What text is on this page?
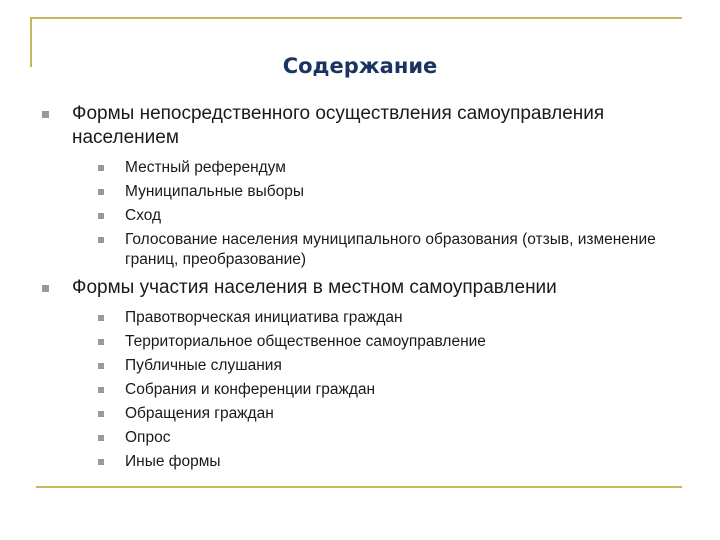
Содержание
Формы непосредственного осуществления самоуправления населением
Местный референдум
Муниципальные выборы
Сход
Голосование населения муниципального образования (отзыв, изменение границ, преобразование)
Формы участия населения в местном самоуправлении
Правотворческая инициатива граждан
Территориальное общественное самоуправление
Публичные слушания
Собрания и конференции граждан
Обращения граждан
Опрос
Иные формы
